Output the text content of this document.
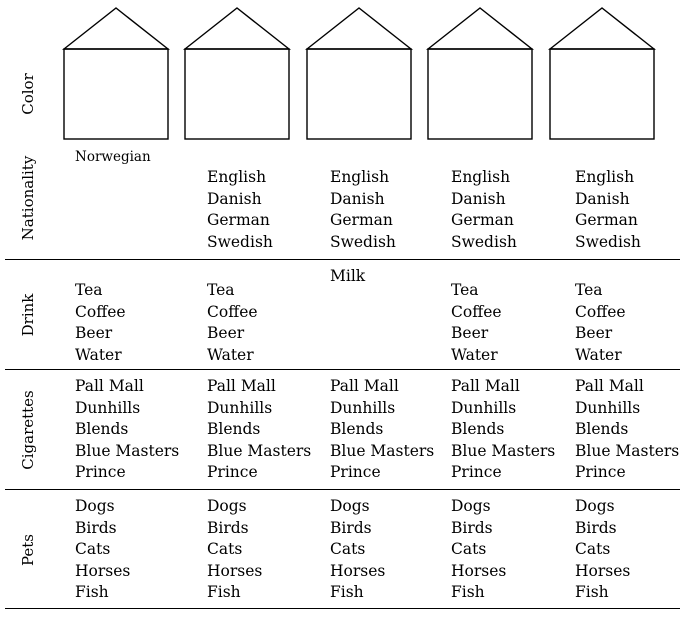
Color
Nationality
Drink
Cigarettes
Pets
Norwegian
English
Danish
German
Swedish
English
Danish
German
Swedish
English
Danish
German
Swedish
English
Danish
German
Swedish
Tea
Coffee
Beer
Water
Tea
Coffee
Beer
Water
Milk
Tea
Coffee
Beer
Water
Tea
Coffee
Beer
Water
Pall Mall
Dunhills
Blends
Blue Masters
Prince
Pall Mall
Dunhills
Blends
Blue Masters
Prince
Pall Mall
Dunhills
Blends
Blue Masters
Prince
Pall Mall
Dunhills
Blends
Blue Masters
Prince
Pall Mall
Dunhills
Blends
Blue Masters
Prince
Dogs
Birds
Cats
Horses
Fish
Dogs
Birds
Cats
Horses
Fish
Dogs
Birds
Cats
Horses
Fish
Dogs
Birds
Cats
Horses
Fish
Dogs
Birds
Cats
Horses
Fish
